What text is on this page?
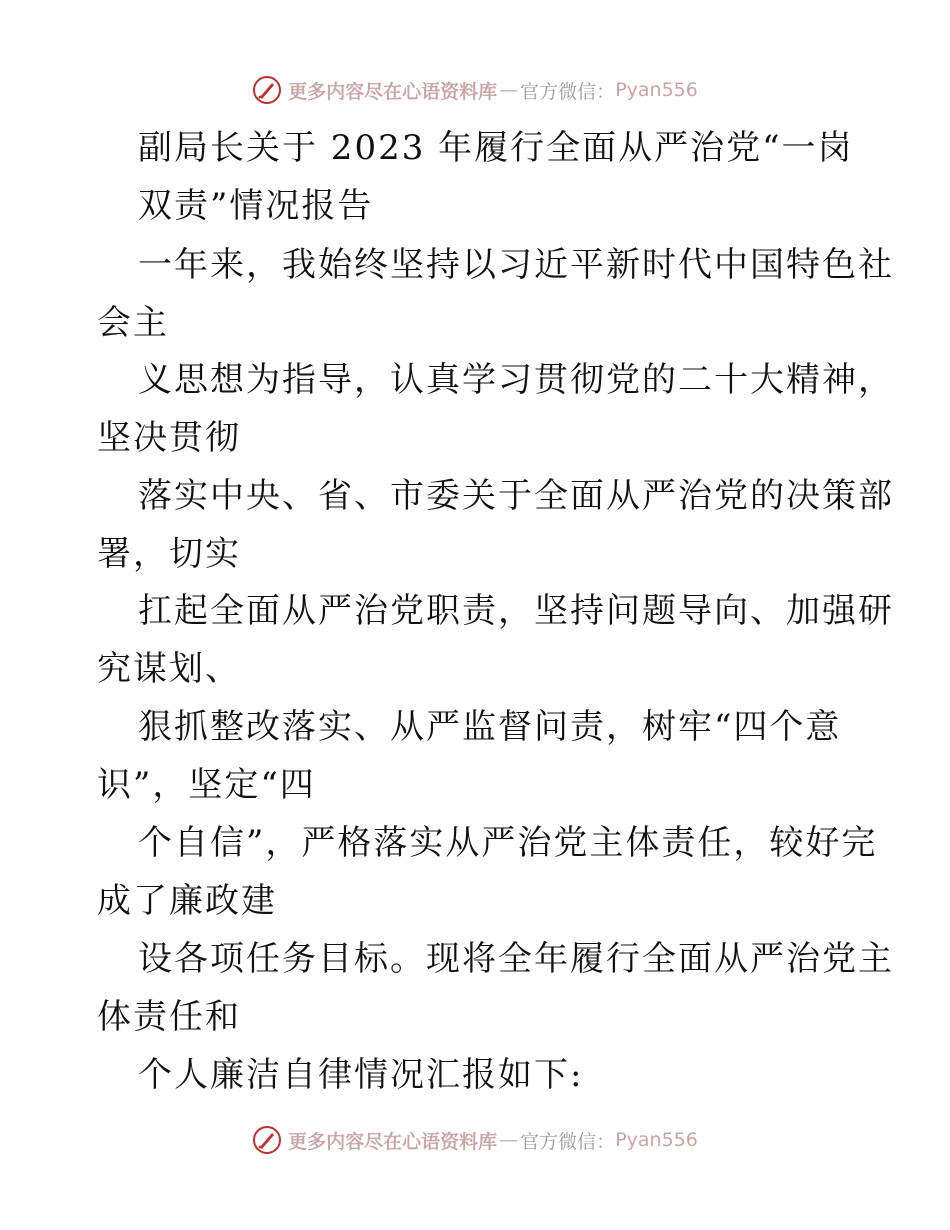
更多内容尽在心语资料库 — 官方微信： Pyan556
副局长关于 2023 年履行全面从严治党“一岗
双责”情况报告
一年来，我始终坚持以习近平新时代中国特色社
会主
义思想为指导，认真学习贯彻党的二十大精神，
坚决贯彻
落实中央、省、市委关于全面从严治党的决策部
署，切实
扛起全面从严治党职责，坚持问题导向、加强研
究谋划、
狠抓整改落实、从严监督问责，树牢“四个意
识”，坚定“四
个自信”，严格落实从严治党主体责任，较好完
成了廉政建
设各项任务目标。现将全年履行全面从严治党主
体责任和
个人廉洁自律情况汇报如下:
更多内容尽在心语资料库 — 官方微信： Pyan556
